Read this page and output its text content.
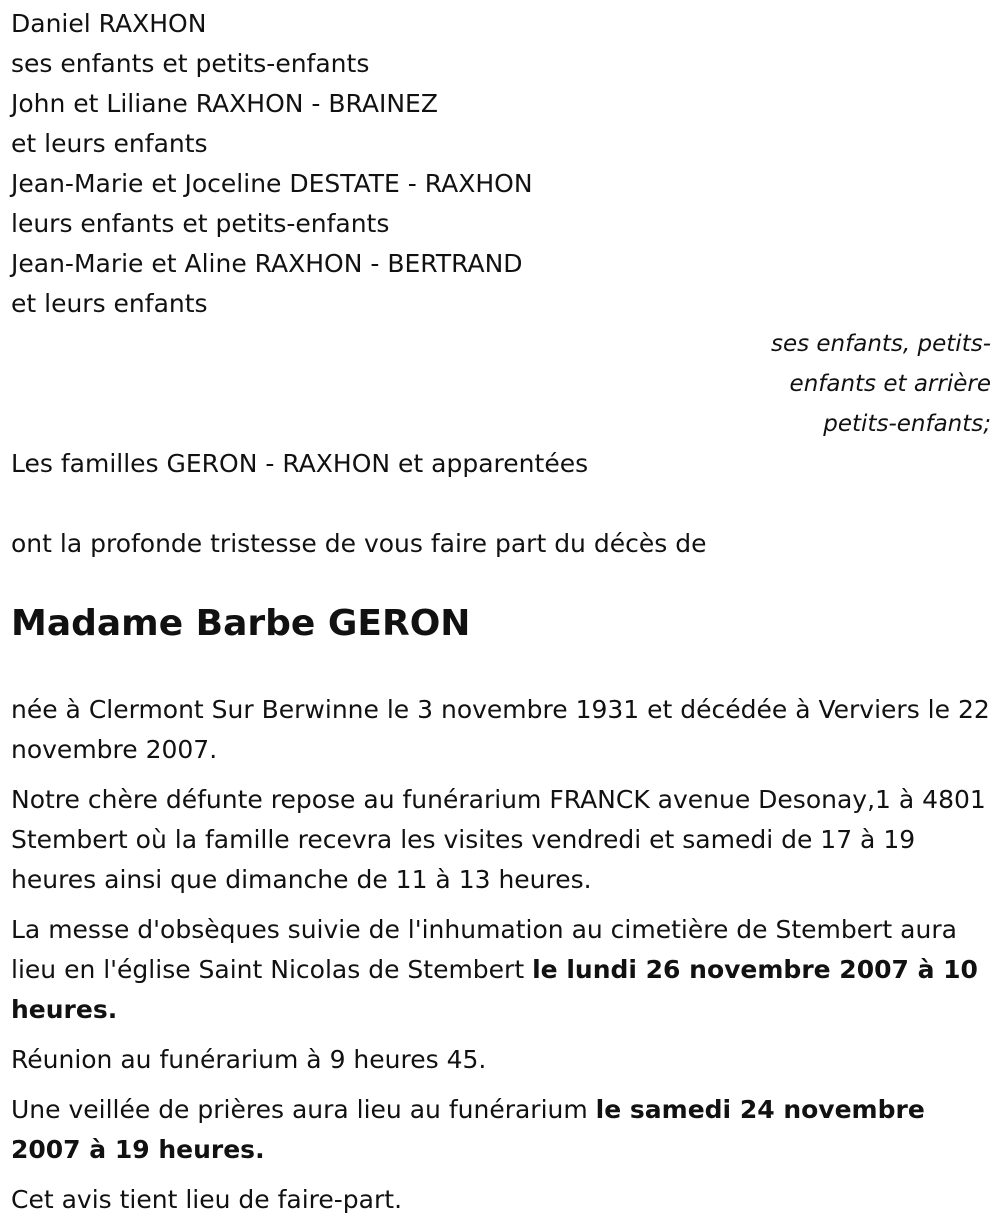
Daniel RAXHON
ses enfants et petits-enfants
John et Liliane RAXHON - BRAINEZ
et leurs enfants
Jean-Marie et Joceline DESTATE - RAXHON
leurs enfants et petits-enfants
Jean-Marie et Aline RAXHON - BERTRAND
et leurs enfants
ses enfants, petits-
enfants et arrière
petits-enfants;
Les familles GERON - RAXHON et apparentées
ont la profonde tristesse de vous faire part du décès de
Madame Barbe GERON
née à Clermont Sur Berwinne le 3 novembre 1931 et décédée à Verviers le 22 novembre 2007.
Notre chère défunte repose au funérarium FRANCK avenue Desonay,1 à 4801 Stembert où la famille recevra les visites vendredi et samedi de 17 à 19 heures ainsi que dimanche de 11 à 13 heures.
La messe d'obsèques suivie de l'inhumation au cimetière de Stembert aura lieu en l'église Saint Nicolas de Stembert le lundi 26 novembre 2007 à 10 heures.
Réunion au funérarium à 9 heures 45.
Une veillée de prières aura lieu au funérarium le samedi 24 novembre 2007 à 19 heures.
Cet avis tient lieu de faire-part.
